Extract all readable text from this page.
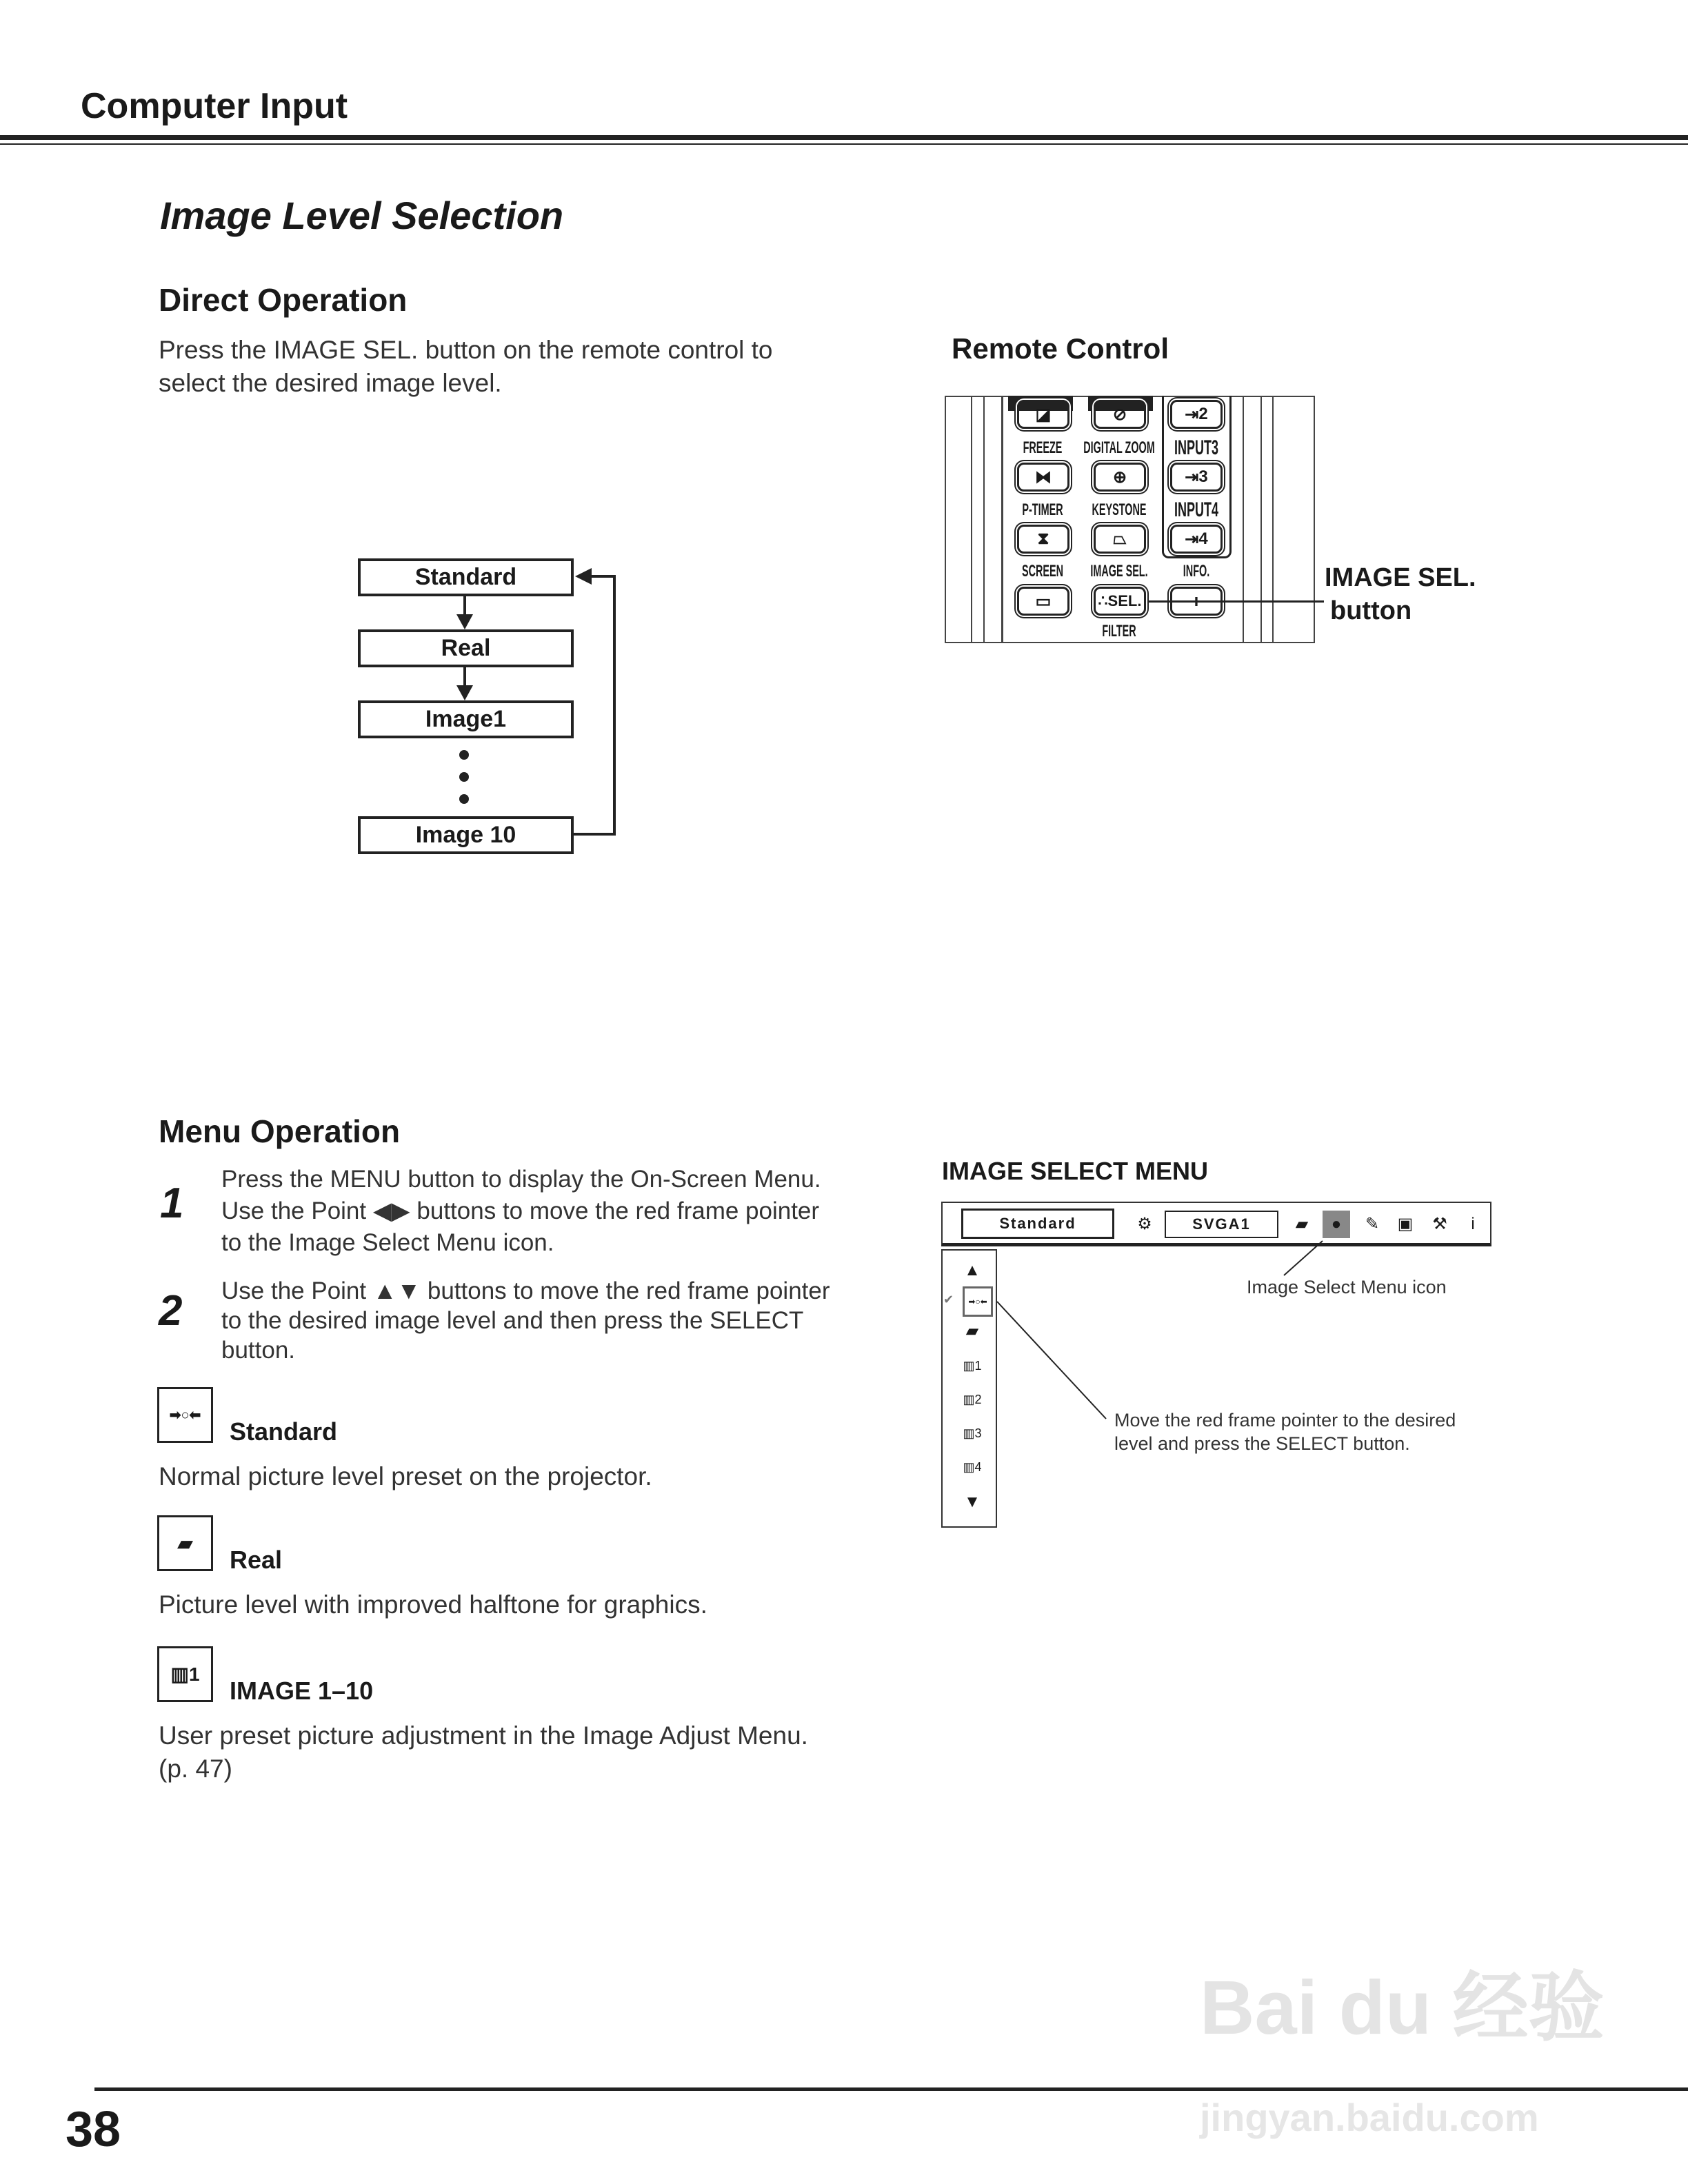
Computer Input
Image Level Selection
Direct Operation
Press the IMAGE SEL. button on the remote control to
select the desired image level.
Standard
Real
Image1
Image 10
Remote Control
◪	⊘	⇥ 2
FREEZE DIGITAL ZOOM INPUT3
⧓	⊕	⇥ 3
P-TIMER KEYSTONE INPUT4
⧗	⏢	⇥ 4
SCREEN IMAGE SEL. INFO.
▭	∴ SEL.
FILTER
IMAGE SEL.
button
Menu Operation
1
Press the MENU button to display the On-Screen Menu.
Use the Point ◀▶ buttons to move the red frame pointer
to the Image Select Menu icon.
2 Use the Point ▲▼ buttons to move the red frame pointer
to the desired image level and then press the SELECT
button.
➡○⬅
Standard
Normal picture level preset on the projector.
▰
Real
Picture level with improved halftone for graphics.
▥ 1
IMAGE 1–10
User preset picture adjustment in the Image Adjust Menu.
(p. 47)
IMAGE SELECT MENU
Standard	⚙	SVGA1	▰	●	✎	▣	⚒	i
▲
➡○⬅
✔
▰
▥1
▥2
▥3
▥4
▼
Image Select Menu icon
Move the red frame pointer to the desired
level and press the SELECT button.
38
Bai du 经验
jingyan.baidu.com
